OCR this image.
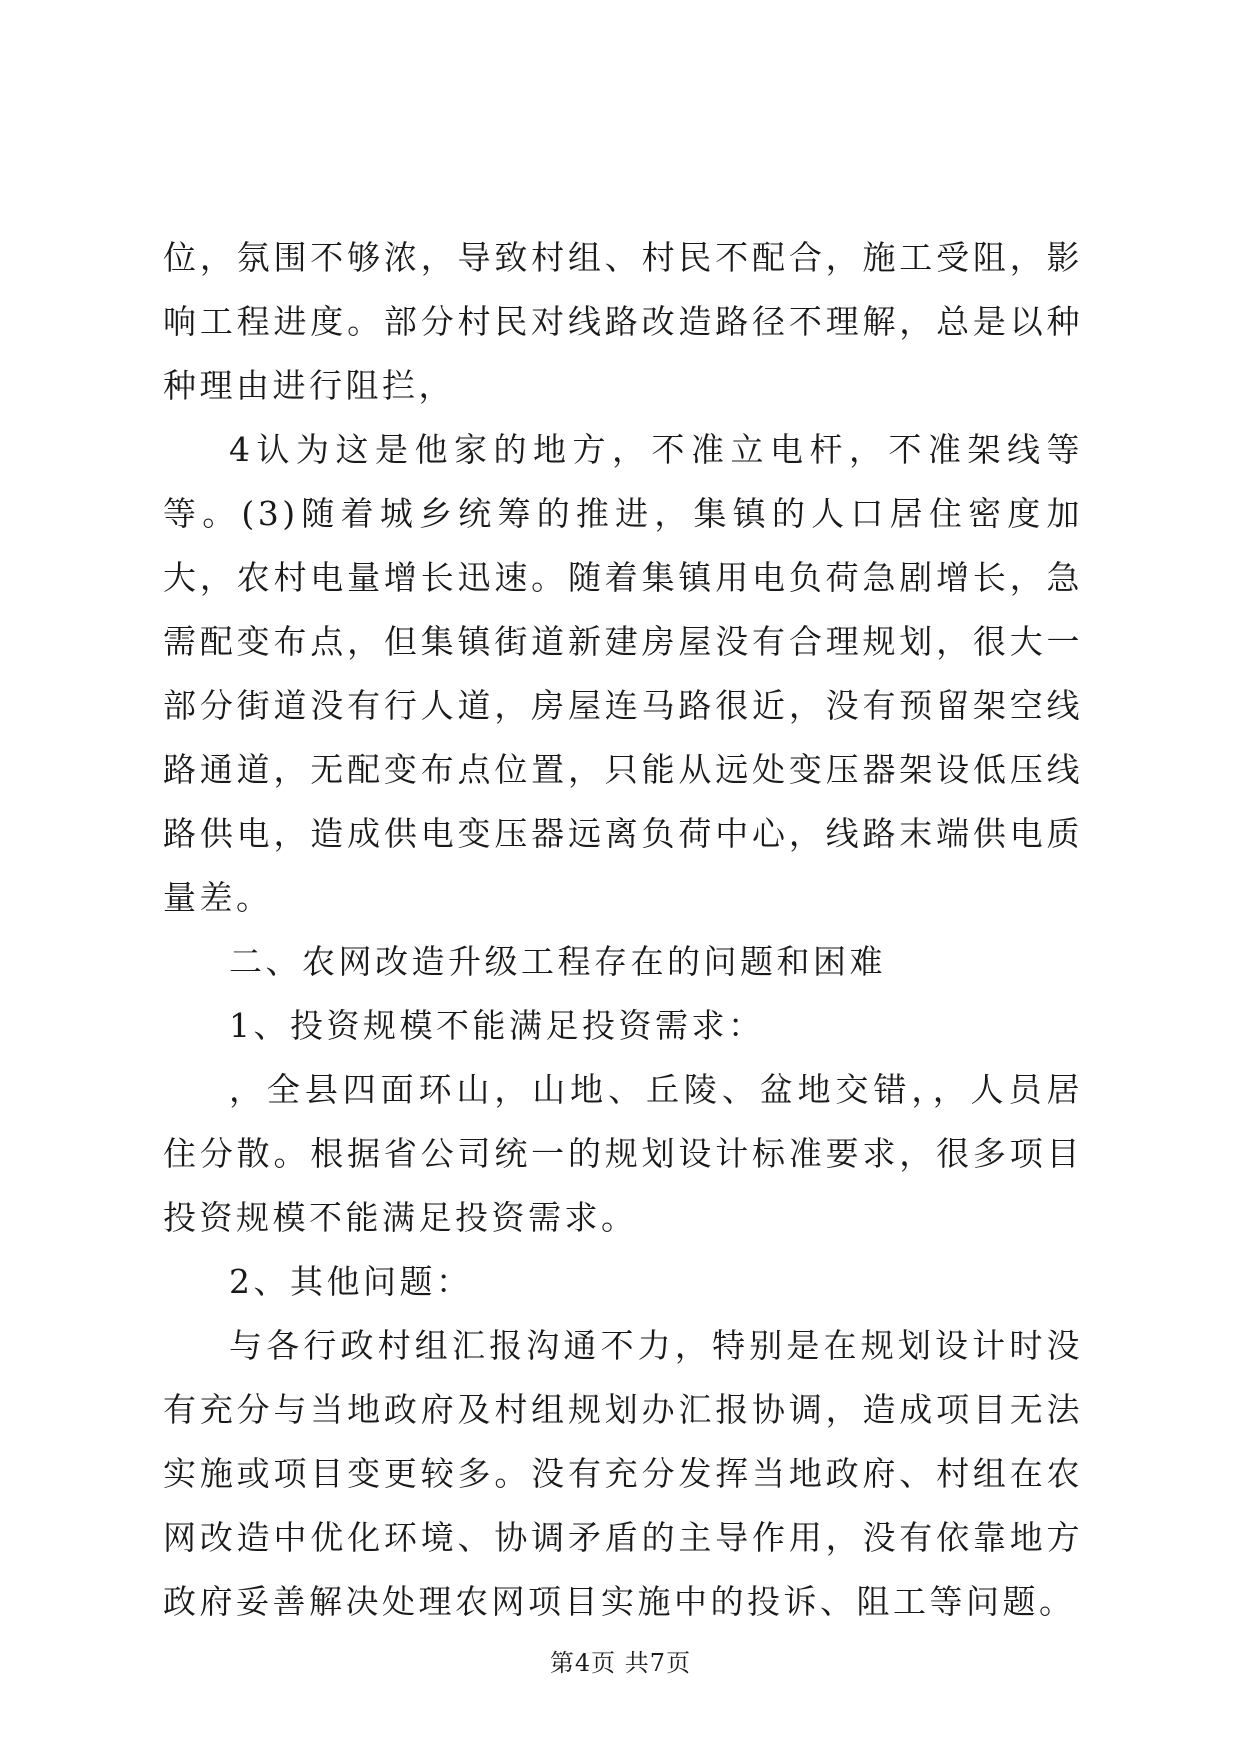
位，氛围不够浓，导致村组、村民不配合，施工受阻，影响工程进度。部分村民对线路改造路径不理解，总是以种种理由进行阻拦，

4认为这是他家的地方，不准立电杆，不准架线等等。(3)随着城乡统筹的推进，集镇的人口居住密度加大，农村电量增长迅速。随着集镇用电负荷急剧增长，急需配变布点，但集镇街道新建房屋没有合理规划，很大一部分街道没有行人道，房屋连马路很近，没有预留架空线路通道，无配变布点位置，只能从远处变压器架设低压线路供电，造成供电变压器远离负荷中心，线路末端供电质量差。

二、农网改造升级工程存在的问题和困难

1、投资规模不能满足投资需求：

，全县四面环山，山地、丘陵、盆地交错，，人员居住分散。根据省公司统一的规划设计标准要求，很多项目投资规模不能满足投资需求。

2、其他问题：

与各行政村组汇报沟通不力，特别是在规划设计时没有充分与当地政府及村组规划办汇报协调，造成项目无法实施或项目变更较多。没有充分发挥当地政府、村组在农网改造中优化环境、协调矛盾的主导作用，没有依靠地方政府妥善解决处理农网项目实施中的投诉、阻工等问题。

第4页 共7页
